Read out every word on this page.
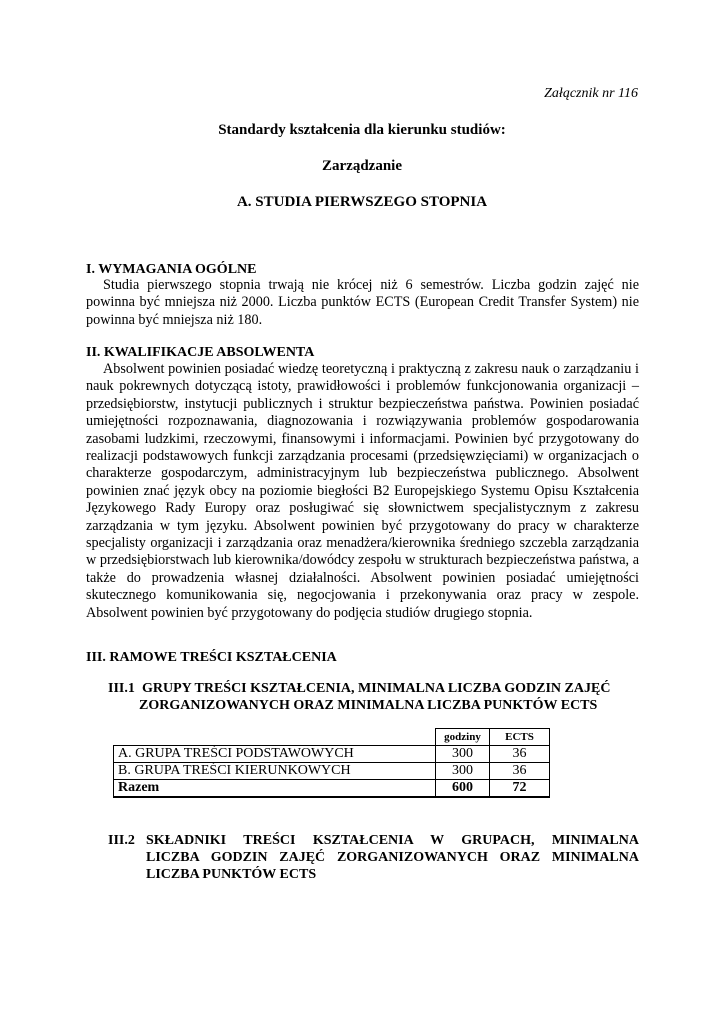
Załącznik nr 116
Standardy kształcenia dla kierunku studiów:
Zarządzanie
A. STUDIA PIERWSZEGO STOPNIA
I. WYMAGANIA OGÓLNE

Studia pierwszego stopnia trwają nie krócej niż 6 semestrów. Liczba godzin zajęć nie powinna być mniejsza niż 2000. Liczba punktów ECTS (European Credit Transfer System) nie powinna być mniejsza niż 180.

II. KWALIFIKACJE ABSOLWENTA

Absolwent powinien posiadać wiedzę teoretyczną i praktyczną z zakresu nauk o zarządzaniu i nauk pokrewnych dotyczącą istoty, prawidłowości i problemów funkcjonowania organizacji – przedsiębiorstw, instytucji publicznych i struktur bezpieczeństwa państwa. Powinien posiadać umiejętności rozpoznawania, diagnozowania i rozwiązywania problemów gospodarowania zasobami ludzkimi, rzeczowymi, finansowymi i informacjami. Powinien być przygotowany do realizacji podstawowych funkcji zarządzania procesami (przedsięwzięciami) w organizacjach o charakterze gospodarczym, administracyjnym lub bezpieczeństwa publicznego. Absolwent powinien znać język obcy na poziomie biegłości B2 Europejskiego Systemu Opisu Kształcenia Językowego Rady Europy oraz posługiwać się słownictwem specjalistycznym z zakresu zarządzania w tym języku. Absolwent powinien być przygotowany do pracy w charakterze specjalisty organizacji i zarządzania oraz menadżera/kierownika średniego szczebla zarządzania w przedsiębiorstwach lub kierownika/dowódcy zespołu w strukturach bezpieczeństwa państwa, a także do prowadzenia własnej działalności. Absolwent powinien posiadać umiejętności skutecznego komunikowania się, negocjowania i przekonywania oraz pracy w zespole. Absolwent powinien być przygotowany do podjęcia studiów drugiego stopnia.

III. RAMOWE TREŚCI KSZTAŁCENIA
III.1 GRUPY TREŚCI KSZTAŁCENIA, MINIMALNA LICZBA GODZIN ZAJĘĆ
ZORGANIZOWANYCH ORAZ MINIMALNA LICZBA PUNKTÓW ECTS
	godziny	ECTS
A. GRUPA TREŚCI PODSTAWOWYCH	300	36
B. GRUPA TREŚCI KIERUNKOWYCH	300	36
Razem	600	72
III.2 SKŁADNIKI TREŚCI KSZTAŁCENIA W GRUPACH, MINIMALNA
LICZBA GODZIN ZAJĘĆ ZORGANIZOWANYCH ORAZ MINIMALNA
LICZBA PUNKTÓW ECTS
